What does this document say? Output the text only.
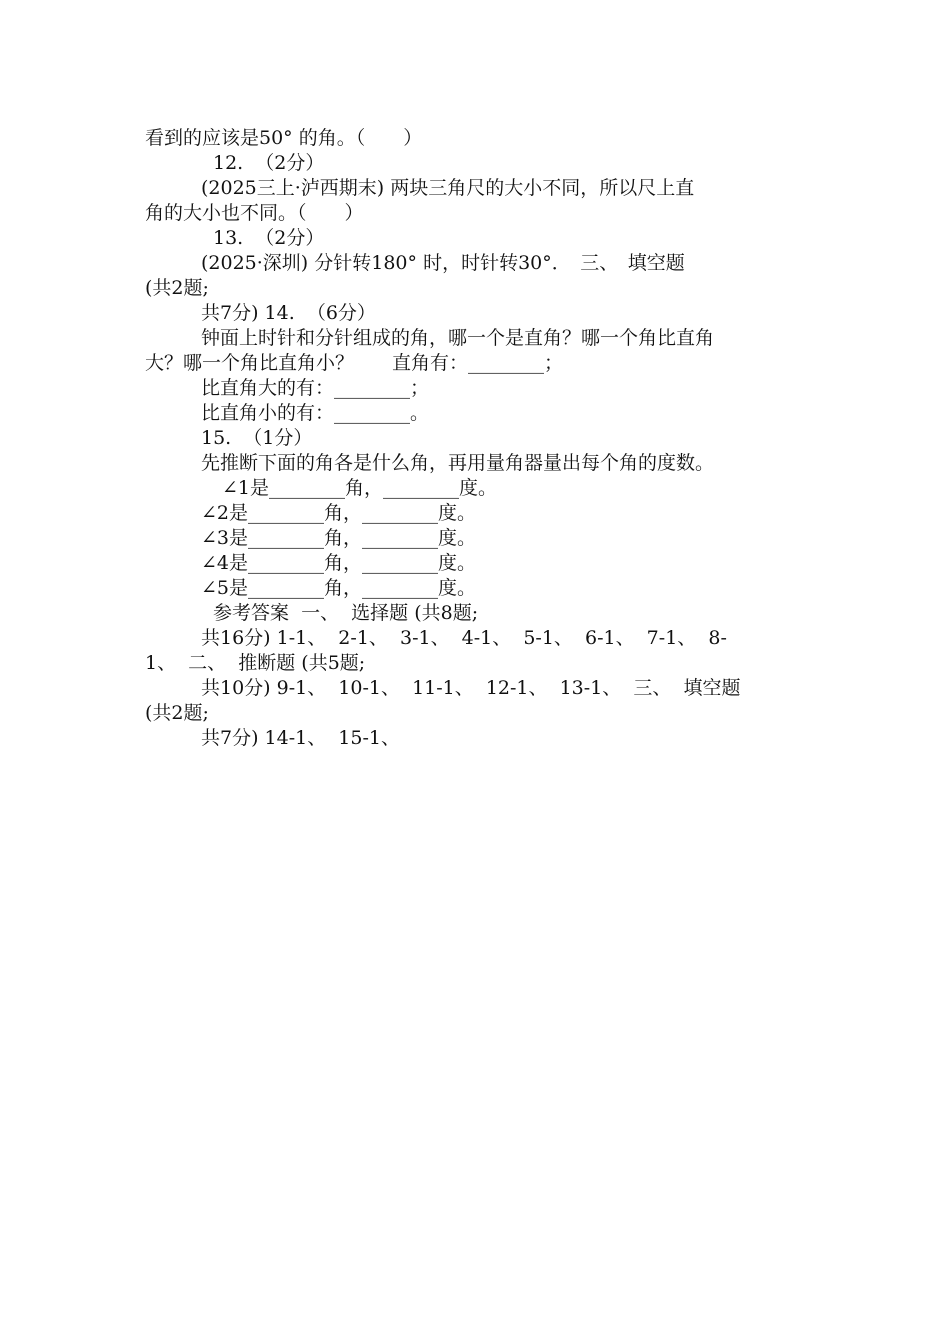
看到的应该是50° 的角。（　　）
12.  （2分）
(2025三上·泸西期末) 两块三角尺的大小不同，所以尺上直
角的大小也不同。（　　）
13.  （2分）
(2025·深圳) 分针转180° 时，时针转30°．　三、　填空题
(共2题;
共7分) 14.  （6分）
钟面上时针和分针组成的角，哪一个是直角？哪一个角比直角
大？哪一个角比直角小？　　直角有：________；
比直角大的有：________；
比直角小的有：________。
15.  （1分）
先推断下面的角各是什么角，再用量角器量出每个角的度数。
∠1是________角，________度。
∠2是________角，________度。
∠3是________角，________度。
∠4是________角，________度。
∠5是________角，________度。
参考答案  一、  选择题 (共8题;
共16分) 1-1、  2-1、  3-1、  4-1、  5-1、  6-1、  7-1、  8-
1、  二、  推断题 (共5题;
共10分) 9-1、  10-1、  11-1、  12-1、  13-1、  三、  填空题
(共2题;
共7分) 14-1、  15-1、
